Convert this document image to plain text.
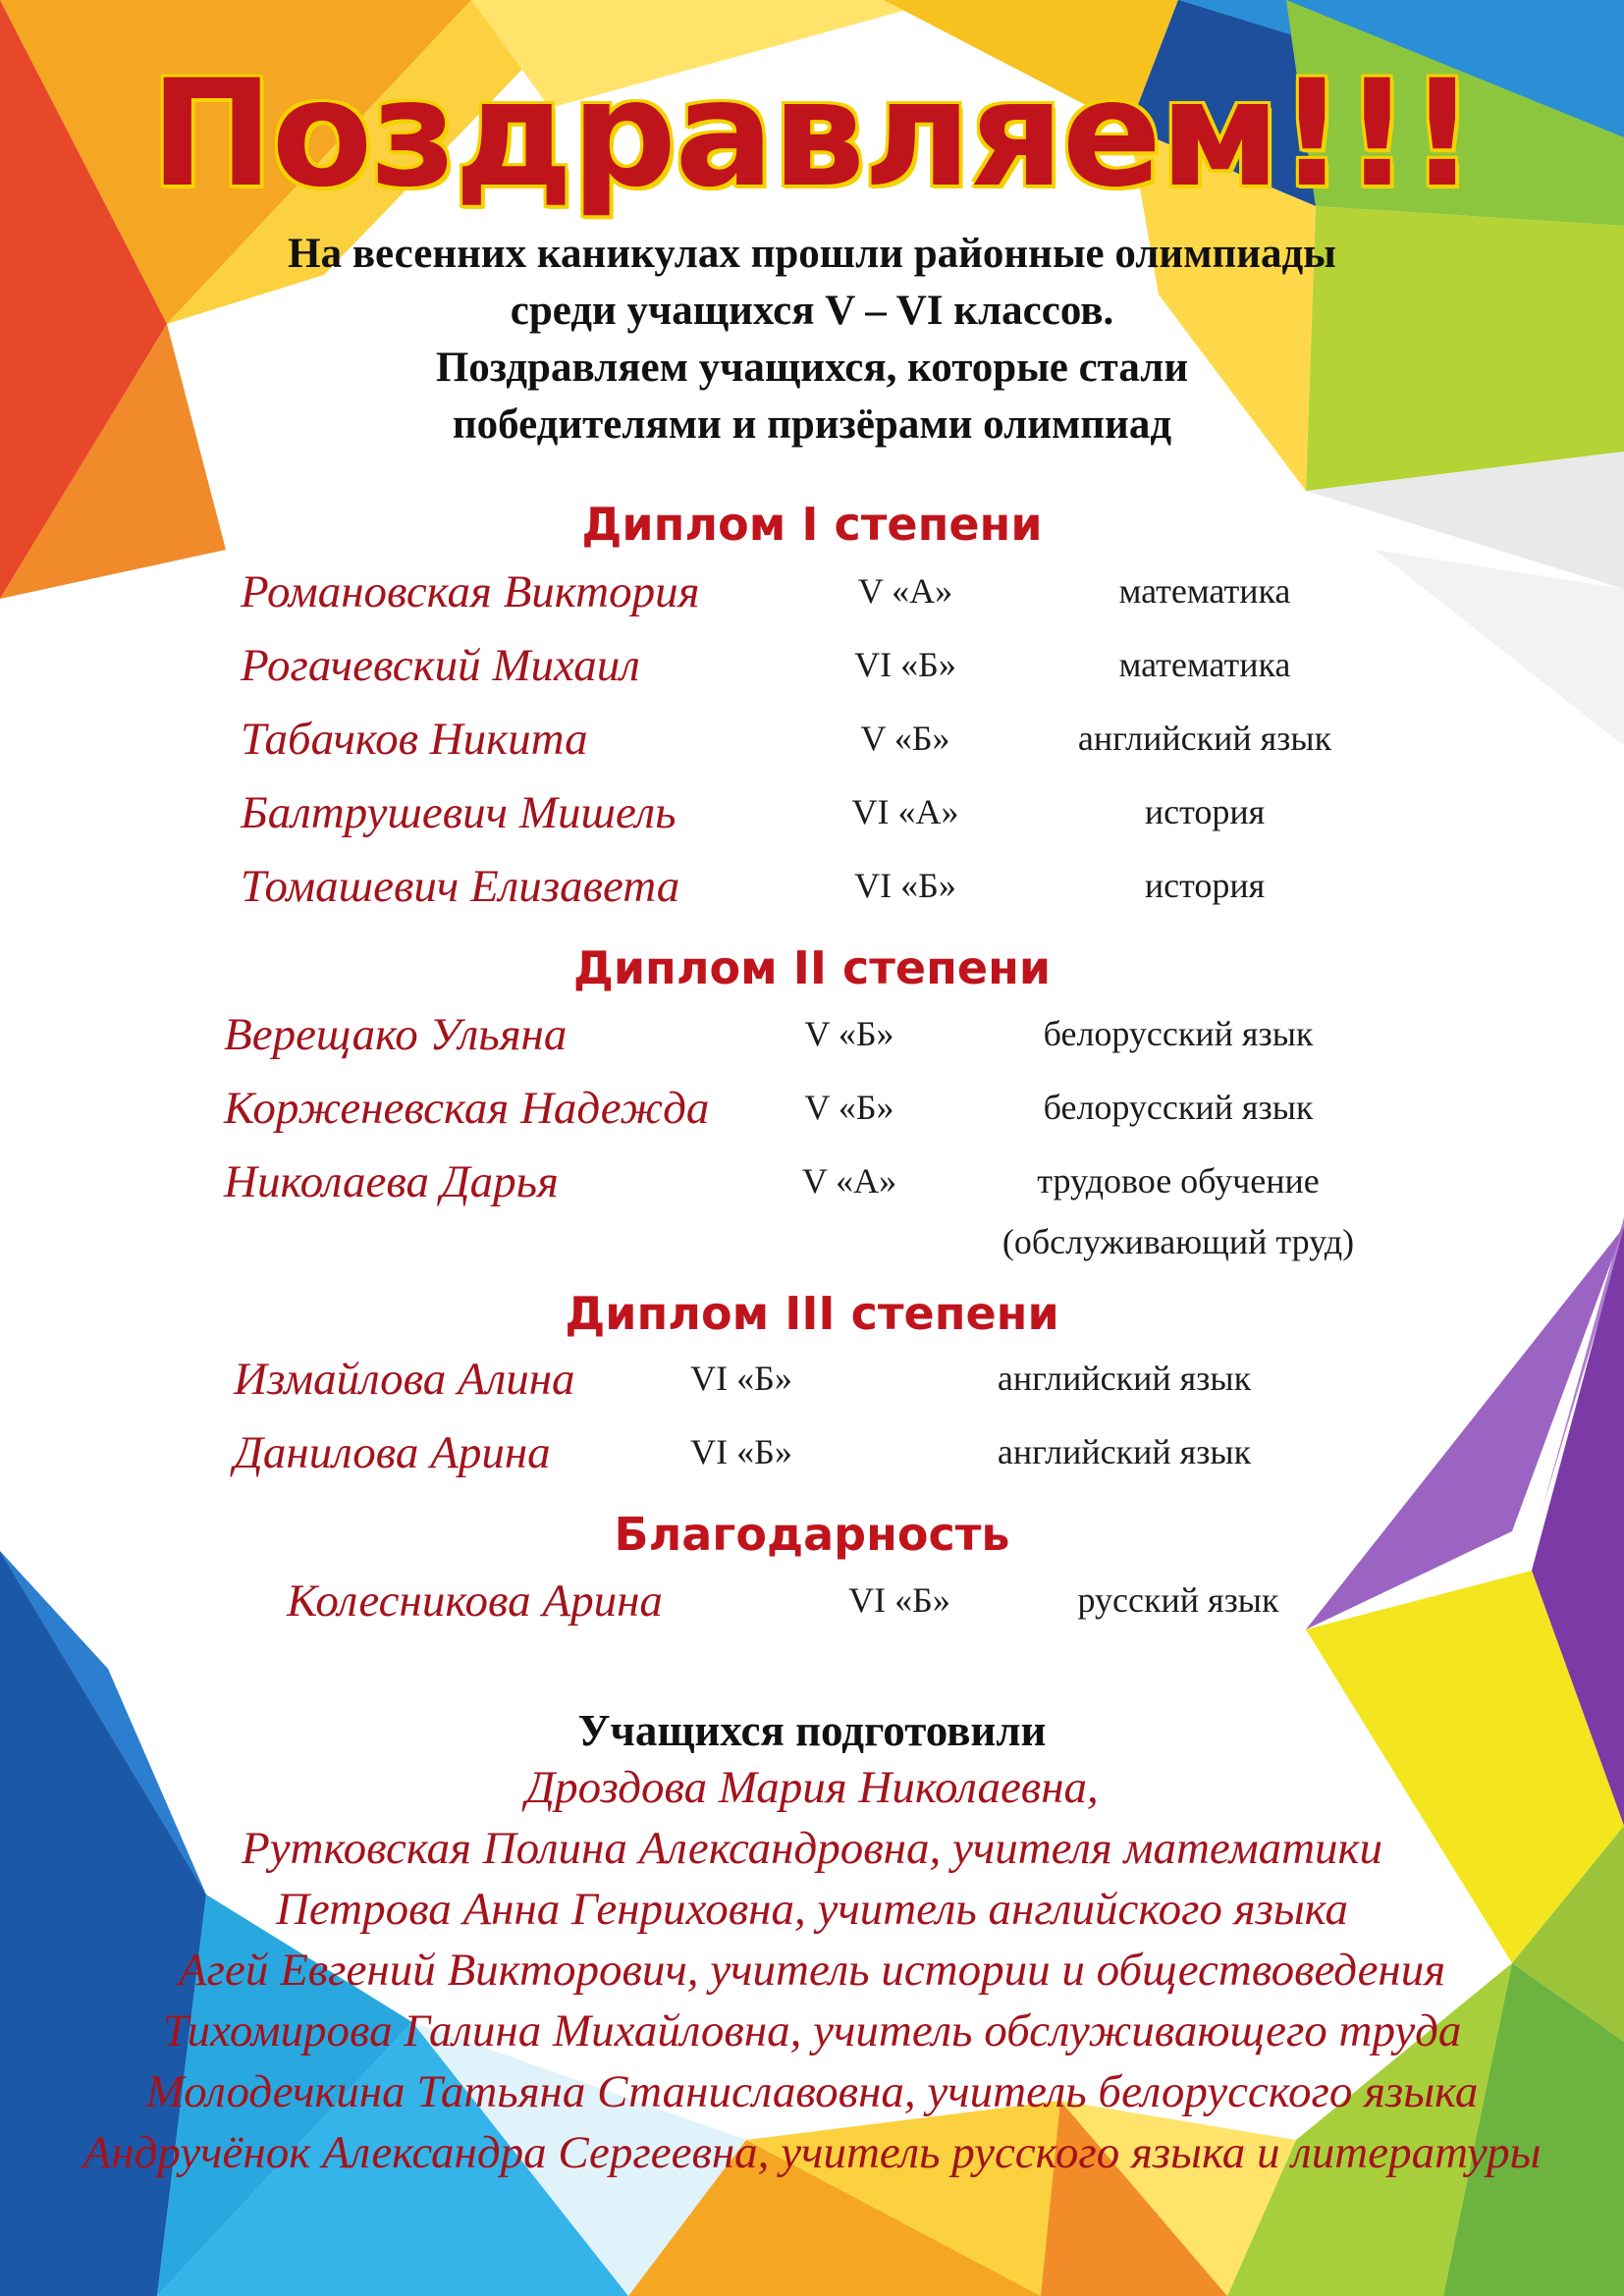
Поздравляем!!!
На весенних каникулах прошли районные олимпиады
среди учащихся V – VI классов.
Поздравляем учащихся, которые стали
победителями и призёрами олимпиад
Диплом I степени
Романовская Виктория	V «А»	математика
Рогачевский Михаил	VI «Б»	математика
Табачков Никита	V «Б»	английский язык
Балтрушевич Мишель	VI «А»	история
Томашевич Елизавета	VI «Б»	история
Диплом II степени
Верещако Ульяна	V «Б»	белорусский язык
Корженевская Надежда	V «Б»	белорусский язык
Николаева Дарья	V «А»	трудовое обучение
(обслуживающий труд)
Диплом III степени
Измайлова Алина	VI «Б»	английский язык
Данилова Арина	VI «Б»	английский язык
Благодарность
Колесникова Арина	VI «Б»	русский язык
Учащихся подготовили
Дроздова Мария Николаевна,
Рутковская Полина Александровна, учителя математики
Петрова Анна Генриховна, учитель английского языка
Агей Евгений Викторович, учитель истории и обществоведения
Тихомирова Галина Михайловна, учитель обслуживающего труда
Молодечкина Татьяна Станиславовна, учитель белорусского языка
Андручёнок Александра Сергеевна, учитель русского языка и литературы
